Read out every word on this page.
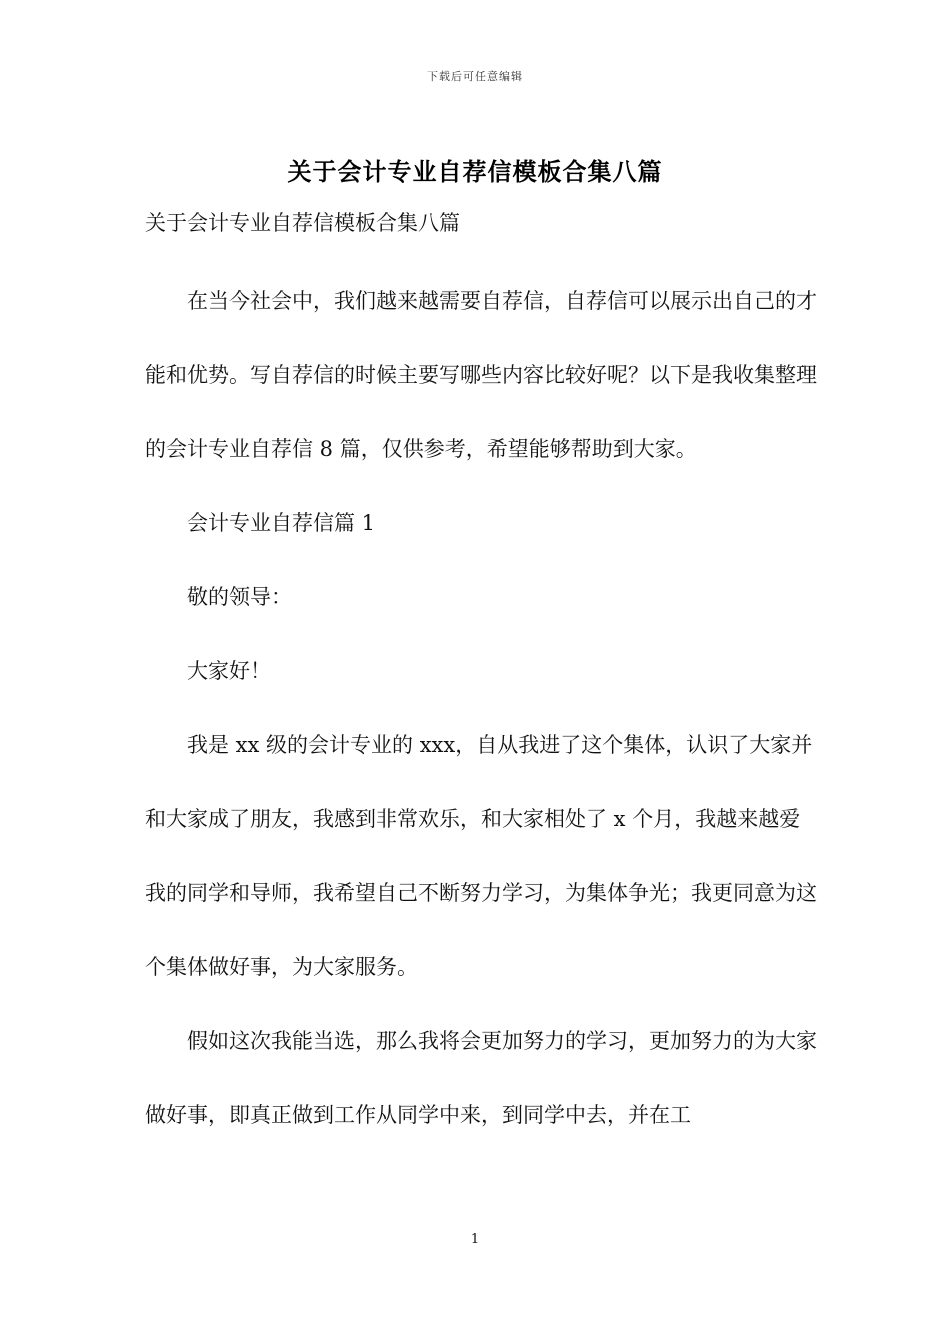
下载后可任意编辑
关于会计专业自荐信模板合集八篇
关于会计专业自荐信模板合集八篇

在当今社会中，我们越来越需要自荐信，自荐信可以展示出自己的才能和优势。写自荐信的时候主要写哪些内容比较好呢？以下是我收集整理的会计专业自荐信 8 篇，仅供参考，希望能够帮助到大家。

会计专业自荐信篇 1

敬的领导：

大家好！

我是 xx 级的会计专业的 xxx，自从我进了这个集体，认识了大家并和大家成了朋友，我感到非常欢乐，和大家相处了 x 个月，我越来越爱我的同学和导师，我希望自己不断努力学习，为集体争光；我更同意为这个集体做好事，为大家服务。

假如这次我能当选，那么我将会更加努力的学习，更加努力的为大家做好事，即真正做到工作从同学中来，到同学中去，并在工

1
